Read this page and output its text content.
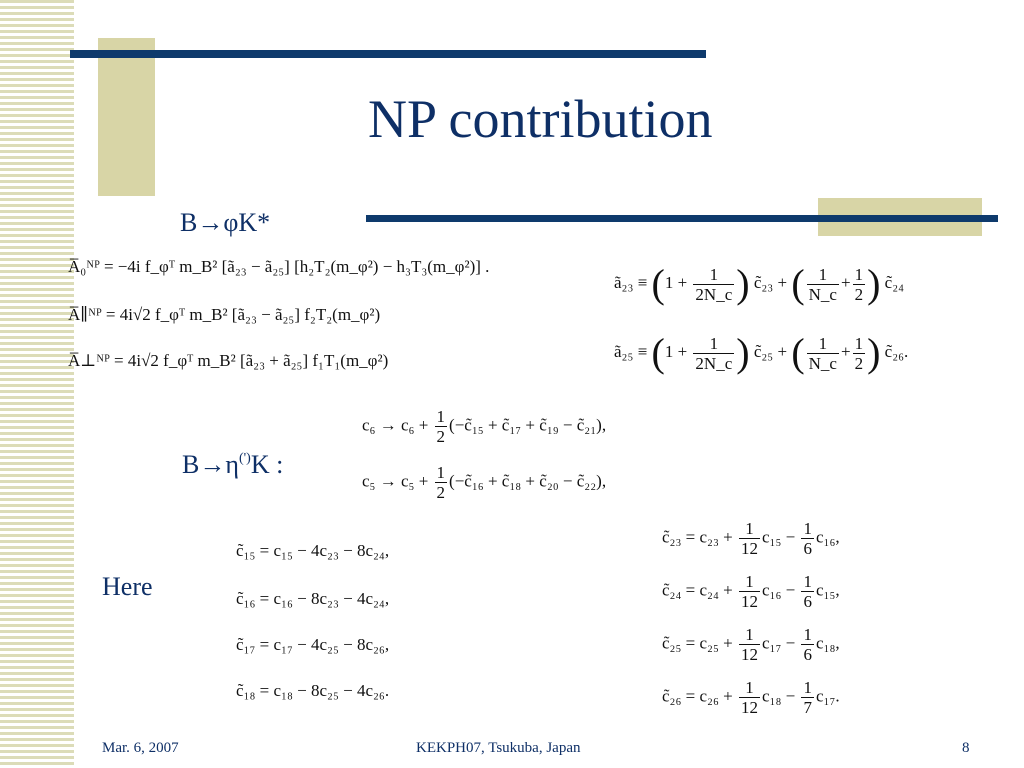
NP contribution
B→φK*
A̅₀ᴺᴾ = −4i f_φᵀ m_B² [ã₂₃ − ã₂₅] [h₂T₂(m_φ²) − h₃T₃(m_φ²)] .
A̅∥ᴺᴾ = 4i√2 f_φᵀ m_B² [ã₂₃ − ã₂₅] f₂T₂(m_φ²)
A̅⊥ᴺᴾ = 4i√2 f_φᵀ m_B² [ã₂₃ + ã₂₅] f₁T₁(m_φ²)
ã₂₃ ≡ ($1 + \frac{1}{2N\_c}$ ) c̃₂₃ + ( $\frac{1}{N\_c} + \frac{1}{2}$ ) c̃₂₄
ã₂₅ ≡ ($1 + \frac{1}{2N\_c}$ ) c̃₂₅ + ( $\frac{1}{N\_c} + \frac{1}{2}$ ) c̃₂₆.
$c_6 \to c_6 + \frac{1}{2}$ (−c̃₁₅ + c̃₁₇ + c̃₁₉ − c̃₂₁),
$c_5 \to c_5 + \frac{1}{2}$ (−c̃₁₆ + c̃₁₈ + c̃₂₀ − c̃₂₂),
B→η(')K :
Here
c̃₁₅ = c₁₅ − 4c₂₃ − 8c₂₄,
c̃₁₆ = c₁₆ − 8c₂₃ − 4c₂₄,
c̃₁₇ = c₁₇ − 4c₂₅ − 8c₂₆,
c̃₁₈ = c₁₈ − 8c₂₅ − 4c₂₆.
c̃₂₃ = $c_{23} + \frac{1}{12} c_{15} - \frac{1}{6} c_{16}$,
c̃₂₄ = $c_{24} + \frac{1}{12} c_{16} - \frac{1}{6} c_{15}$,
c̃₂₅ = $c_{25} + \frac{1}{12} c_{17} - \frac{1}{6} c_{18}$,
c̃₂₆ = $c_{26} + \frac{1}{12} c_{18} - \frac{1}{7} c_{17}$.
Mar. 6, 2007	KEKPH07, Tsukuba, Japan	8
